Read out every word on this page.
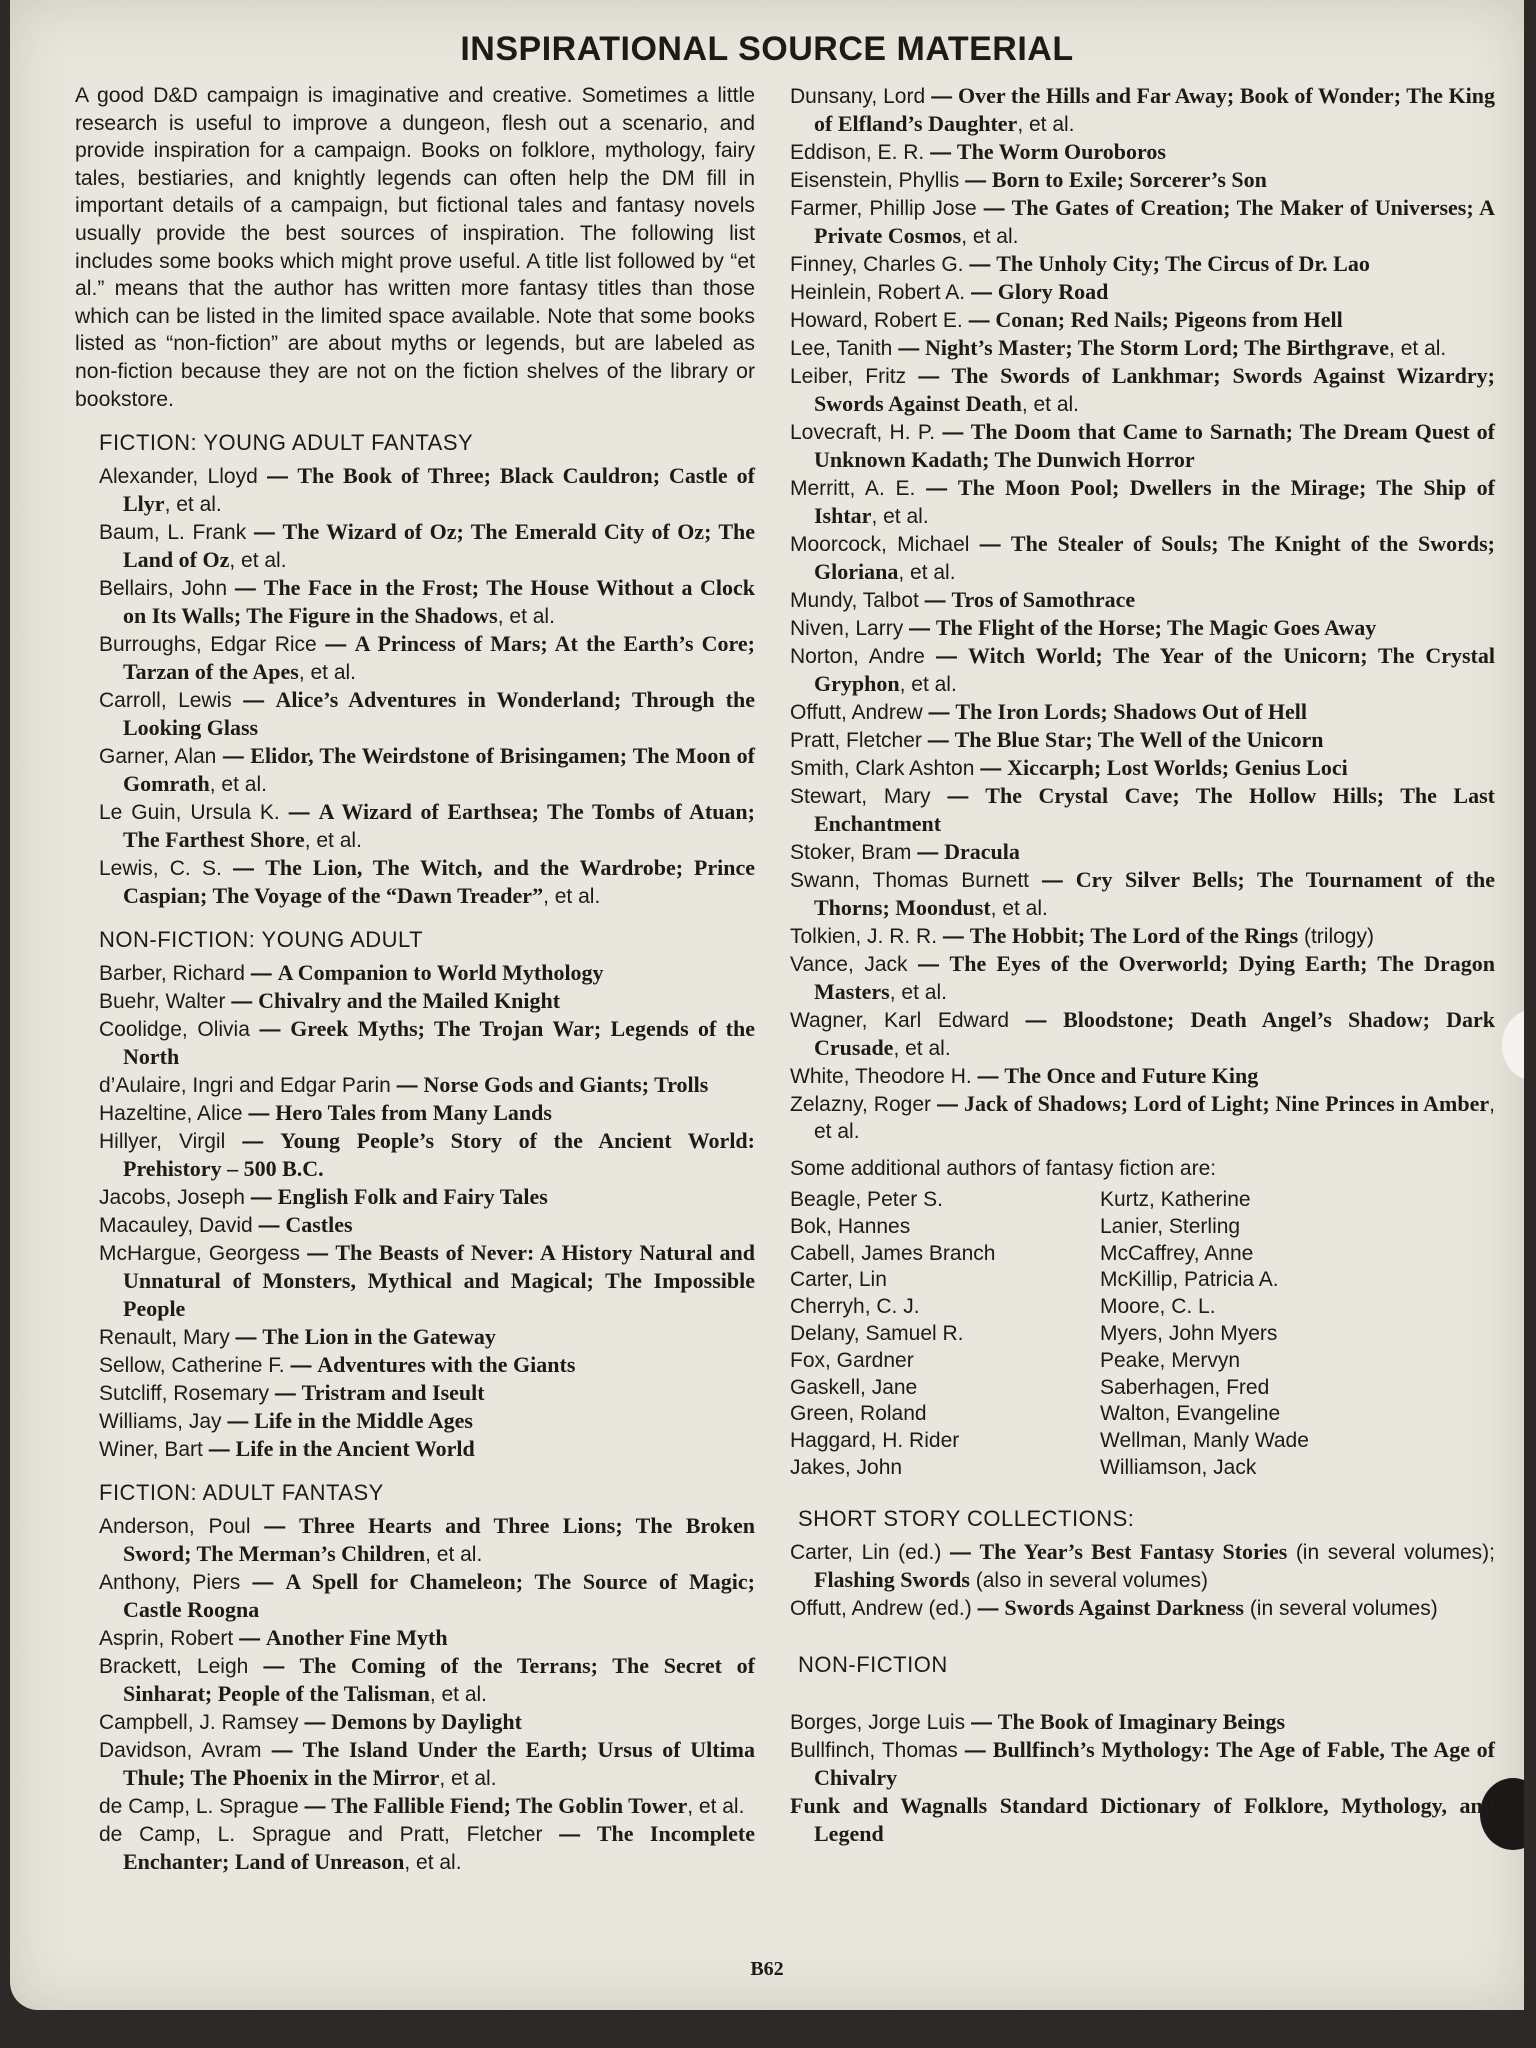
INSPIRATIONAL SOURCE MATERIAL

A good D&D campaign is imaginative and creative. Sometimes a little research is useful to improve a dungeon, flesh out a scenario, and provide inspiration for a campaign. Books on folklore, mythology, fairy tales, bestiaries, and knightly legends can often help the DM fill in important details of a campaign, but fictional tales and fantasy novels usually provide the best sources of inspiration. The following list includes some books which might prove useful. A title list followed by “et al.” means that the author has written more fantasy titles than those which can be listed in the limited space available. Note that some books listed as “non-fiction” are about myths or legends, but are labeled as non-fiction because they are not on the fiction shelves of the library or bookstore.

FICTION: YOUNG ADULT FANTASY
Alexander, Lloyd — The Book of Three; Black Cauldron; Castle of Llyr, et al.
Baum, L. Frank — The Wizard of Oz; The Emerald City of Oz; The Land of Oz, et al.
Bellairs, John — The Face in the Frost; The House Without a Clock on Its Walls; The Figure in the Shadows, et al.
Burroughs, Edgar Rice — A Princess of Mars; At the Earth’s Core; Tarzan of the Apes, et al.
Carroll, Lewis — Alice’s Adventures in Wonderland; Through the Looking Glass
Garner, Alan — Elidor, The Weirdstone of Brisingamen; The Moon of Gomrath, et al.
Le Guin, Ursula K. — A Wizard of Earthsea; The Tombs of Atuan; The Farthest Shore, et al.
Lewis, C. S. — The Lion, The Witch, and the Wardrobe; Prince Caspian; The Voyage of the “Dawn Treader”, et al.
NON-FICTION: YOUNG ADULT
Barber, Richard — A Companion to World Mythology
Buehr, Walter — Chivalry and the Mailed Knight
Coolidge, Olivia — Greek Myths; The Trojan War; Legends of the North
d’Aulaire, Ingri and Edgar Parin — Norse Gods and Giants; Trolls
Hazeltine, Alice — Hero Tales from Many Lands
Hillyer, Virgil — Young People’s Story of the Ancient World: Prehistory – 500 B.C.
Jacobs, Joseph — English Folk and Fairy Tales
Macauley, David — Castles
McHargue, Georgess — The Beasts of Never: A History Natural and Unnatural of Monsters, Mythical and Magical; The Impossible People
Renault, Mary — The Lion in the Gateway
Sellow, Catherine F. — Adventures with the Giants
Sutcliff, Rosemary — Tristram and Iseult
Williams, Jay — Life in the Middle Ages
Winer, Bart — Life in the Ancient World
FICTION: ADULT FANTASY
Anderson, Poul — Three Hearts and Three Lions; The Broken Sword; The Merman’s Children, et al.
Anthony, Piers — A Spell for Chameleon; The Source of Magic; Castle Roogna
Asprin, Robert — Another Fine Myth
Brackett, Leigh — The Coming of the Terrans; The Secret of Sinharat; People of the Talisman, et al.
Campbell, J. Ramsey — Demons by Daylight
Davidson, Avram — The Island Under the Earth; Ursus of Ultima Thule; The Phoenix in the Mirror, et al.
de Camp, L. Sprague — The Fallible Fiend; The Goblin Tower, et al.
de Camp, L. Sprague and Pratt, Fletcher — The Incomplete Enchanter; Land of Unreason, et al.
Dunsany, Lord — Over the Hills and Far Away; Book of Wonder; The King of Elfland’s Daughter, et al.
Eddison, E. R. — The Worm Ouroboros
Eisenstein, Phyllis — Born to Exile; Sorcerer’s Son
Farmer, Phillip Jose — The Gates of Creation; The Maker of Universes; A Private Cosmos, et al.
Finney, Charles G. — The Unholy City; The Circus of Dr. Lao
Heinlein, Robert A. — Glory Road
Howard, Robert E. — Conan; Red Nails; Pigeons from Hell
Lee, Tanith — Night’s Master; The Storm Lord; The Birthgrave, et al.
Leiber, Fritz — The Swords of Lankhmar; Swords Against Wizardry; Swords Against Death, et al.
Lovecraft, H. P. — The Doom that Came to Sarnath; The Dream Quest of Unknown Kadath; The Dunwich Horror
Merritt, A. E. — The Moon Pool; Dwellers in the Mirage; The Ship of Ishtar, et al.
Moorcock, Michael — The Stealer of Souls; The Knight of the Swords; Gloriana, et al.
Mundy, Talbot — Tros of Samothrace
Niven, Larry — The Flight of the Horse; The Magic Goes Away
Norton, Andre — Witch World; The Year of the Unicorn; The Crystal Gryphon, et al.
Offutt, Andrew — The Iron Lords; Shadows Out of Hell
Pratt, Fletcher — The Blue Star; The Well of the Unicorn
Smith, Clark Ashton — Xiccarph; Lost Worlds; Genius Loci
Stewart, Mary — The Crystal Cave; The Hollow Hills; The Last Enchantment
Stoker, Bram — Dracula
Swann, Thomas Burnett — Cry Silver Bells; The Tournament of the Thorns; Moondust, et al.
Tolkien, J. R. R. — The Hobbit; The Lord of the Rings (trilogy)
Vance, Jack — The Eyes of the Overworld; Dying Earth; The Dragon Masters, et al.
Wagner, Karl Edward — Bloodstone; Death Angel’s Shadow; Dark Crusade, et al.
White, Theodore H. — The Once and Future King
Zelazny, Roger — Jack of Shadows; Lord of Light; Nine Princes in Amber, et al.
Some additional authors of fantasy fiction are:
Beagle, Peter S.
Bok, Hannes
Cabell, James Branch
Carter, Lin
Cherryh, C. J.
Delany, Samuel R.
Fox, Gardner
Gaskell, Jane
Green, Roland
Haggard, H. Rider
Jakes, John
Kurtz, Katherine
Lanier, Sterling
McCaffrey, Anne
McKillip, Patricia A.
Moore, C. L.
Myers, John Myers
Peake, Mervyn
Saberhagen, Fred
Walton, Evangeline
Wellman, Manly Wade
Williamson, Jack
SHORT STORY COLLECTIONS:
Carter, Lin (ed.) — The Year’s Best Fantasy Stories (in several volumes); Flashing Swords (also in several volumes)
Offutt, Andrew (ed.) — Swords Against Darkness (in several volumes)
NON-FICTION
Borges, Jorge Luis — The Book of Imaginary Beings
Bullfinch, Thomas — Bullfinch’s Mythology: The Age of Fable, The Age of Chivalry
Funk and Wagnalls Standard Dictionary of Folklore, Mythology, and Legend
B62
